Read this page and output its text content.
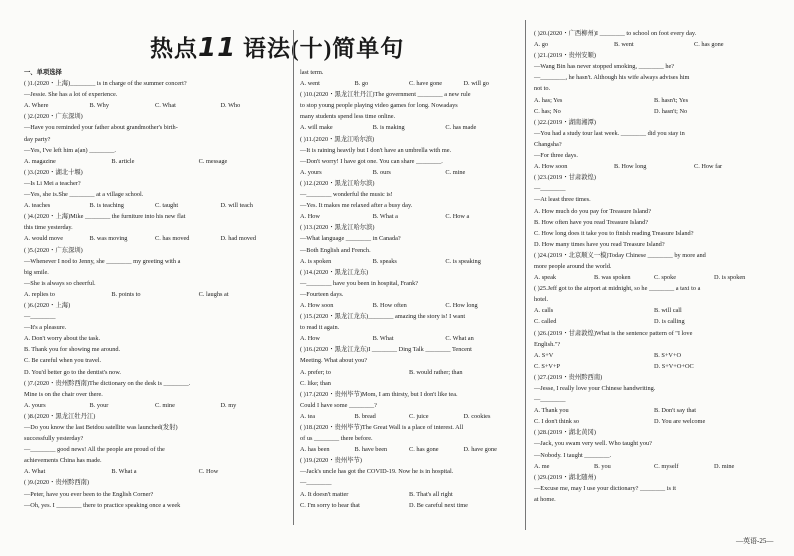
热点11 语法(十)简单句
一、单项选择
( )1.(2020・上海)________ is in charge of the summer concert?
—Jessie. She has a lot of experience.
A. Where	B. Why	C. What	D. Who
( )2.(2020・广东深圳)
—Have you reminded your father about grandmother's birth-
day party?
—Yes, I've left him a(an) ________.
A. magazine	B. article	C. message
( )3.(2020・湖北十堰)
—Is Li Mei a teacher?
—Yes, she is.She ________ at a village school.
A. teaches	B. is teaching	C. taught	D. will teach
( )4.(2020・上海)Mike ________ the furniture into his new flat
this time yesterday.
A. would move	B. was moving	C. has moved	D. had moved
( )5.(2020・广东深圳)
—Whenever I nod to Jenny, she ________ my greeting with a
big smile.
—She is always so cheerful.
A. replies to	B. points to	C. laughs at
( )6.(2020・上海)
—________
—It's a pleasure.
A. Don't worry about the task.
B. Thank you for showing me around.
C. Be careful when you travel.
D. You'd better go to the dentist's now.
( )7.(2020・贵州黔西南)The dictionary on the desk is ________.
Mine is on the chair over there.
A. yours	B. your	C. mine	D. my
( )8.(2020・黑龙江牡丹江)
—Do you know the last Beidou satellite was launched(发射)
successfully yesterday?
—________ good news! All the people are proud of the
achievements China has made.
A. What	B. What a	C. How
( )9.(2020・贵州黔西南)
—Peter, have you ever been to the English Corner?
—Oh, yes. I ________ there to practice speaking once a week
last term.
A. went	B. go	C. have gone	D. will go
( )10.(2020・黑龙江牡丹江)The government ________ a new rule
to stop young people playing video games for long. Nowadays
many students spend less time online.
A. will make	B. is making	C. has made
( )11.(2020・黑龙江哈尔滨)
—It is raining heavily but I don't have an umbrella with me.
—Don't worry! I have got one. You can share ________.
A. yours	B. ours	C. mine
( )12.(2020・黑龙江哈尔滨)
—________ wonderful the music is!
—Yes. It makes me relaxed after a busy day.
A. How	B. What a	C. How a
( )13.(2020・黑龙江哈尔滨)
—What language ________ in Canada?
—Both English and French.
A. is spoken	B. speaks	C. is speaking
( )14.(2020・黑龙江龙东)
—________ have you been in hospital, Frank?
—Fourteen days.
A. How soon	B. How often	C. How long
( )15.(2020・黑龙江龙东)________ amazing the story is! I want
to read it again.
A. How	B. What	C. What an
( )16.(2020・黑龙江龙东)I ________ Ding Talk ________ Tencent
Meeting. What about you?
A. prefer; to	B. would rather; than
C. like; than
( )17.(2020・贵州毕节)Mom, I am thirsty, but I don't like tea.
Could I have some ________?
A. tea	B. bread	C. juice	D. cookies
( )18.(2020・贵州毕节)The Great Wall is a place of interest. All
of us ________ there before.
A. has been	B. have been	C. has gone	D. have gone
( )19.(2020・贵州毕节)
—Jack's uncle has got the COVID-19. Now he is in hospital.
—________
A. It doesn't matter	B. That's all right
C. I'm sorry to hear that	D. Be careful next time
( )20.(2020・广西柳州)I ________ to school on foot every day.
A. go	B. went	C. has gone
( )21.(2019・贵州安顺)
—Wang Bin has never stopped smoking, ________ he?
—________, he hasn't. Although his wife always advises him
not to.
A. has; Yes	B. hasn't; Yes
C. has; No	D. hasn't; No
( )22.(2019・湖南湘潭)
—You had a study tour last week. ________ did you stay in
Changsha?
—For three days.
A. How soon	B. How long	C. How far
( )23.(2019・甘肃敦煌)
—________
—At least three times.
A. How much do you pay for Treasure Island?
B. How often have you read Treasure Island?
C. How long does it take you to finish reading Treasure Island?
D. How many times have you read Treasure Island?
( )24.(2019・北京顺义一模)Today Chinese ________ by more and
more people around the world.
A. speak	B. was spoken	C. spoke	D. is spoken
( )25.Jeff got to the airport at midnight, so he ________ a taxi to a
hotel.
A. calls	B. will call
C. called	D. is calling
( )26.(2019・甘肃敦煌)What is the sentence pattern of "I love
English."?
A. S+V	B. S+V+O
C. S+V+P	D. S+V+O+OC
( )27.(2019・贵州黔西南)
—Jesse, I really love your Chinese handwriting.
—________
A. Thank you	B. Don't say that
C. I don't think so	D. You are welcome
( )28.(2019・湖北黄冈)
—Jack, you swam very well. Who taught you?
—Nobody. I taught ________.
A. me	B. you	C. myself	D. mine
( )29.(2019・湖北随州)
—Excuse me, may I use your dictionary? ________ is it
at home.
—英语-25—
